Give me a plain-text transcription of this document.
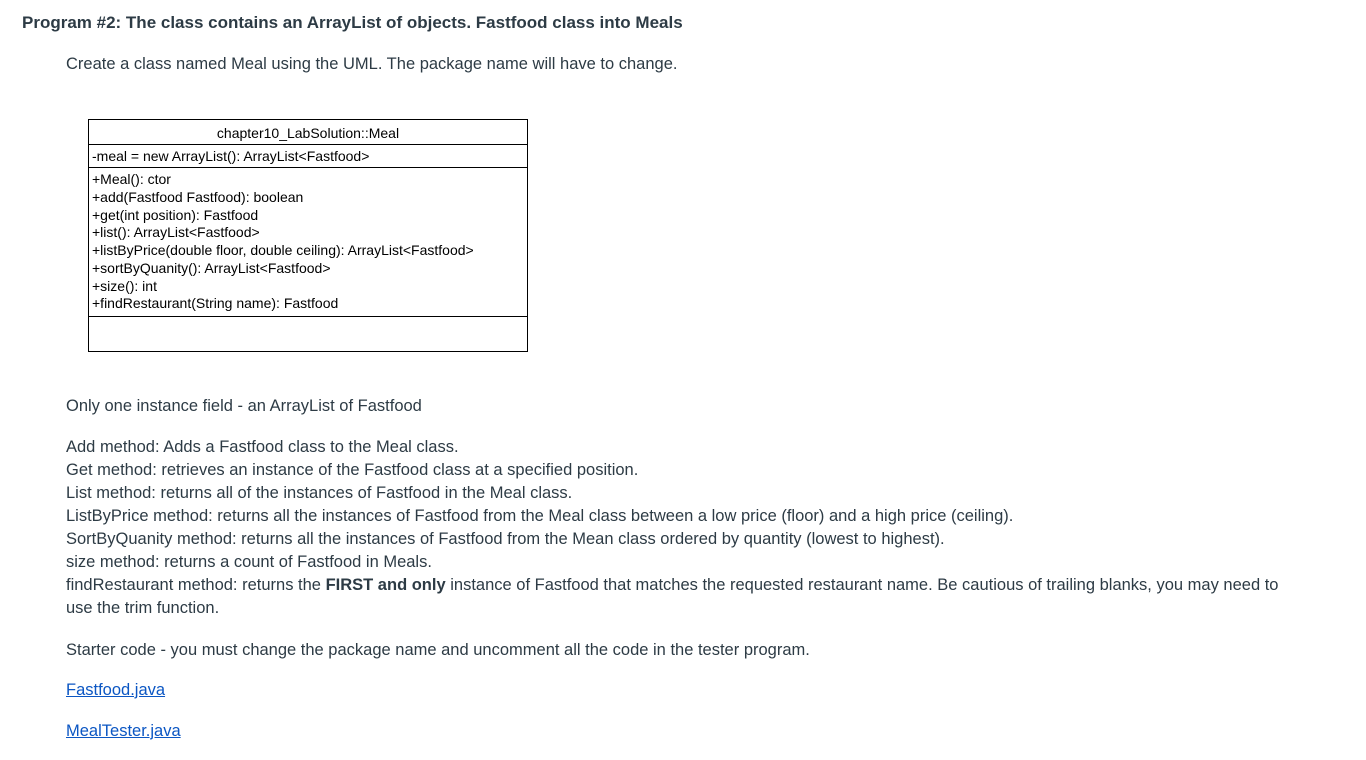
Program #2: The class contains an ArrayList of objects. Fastfood class into Meals
Create a class named Meal using the UML. The package name will have to change.
chapter10_LabSolution::Meal
-meal = new ArrayList(): ArrayList<Fastfood>
+Meal(): ctor
+add(Fastfood Fastfood): boolean
+get(int position): Fastfood
+list(): ArrayList<Fastfood>
+listByPrice(double floor, double ceiling): ArrayList<Fastfood>
+sortByQuanity(): ArrayList<Fastfood>
+size(): int
+findRestaurant(String name): Fastfood
Only one instance field - an ArrayList of Fastfood
Add method: Adds a Fastfood class to the Meal class.
Get method: retrieves an instance of the Fastfood class at a specified position.
List method: returns all of the instances of Fastfood in the Meal class.
ListByPrice method: returns all the instances of Fastfood from the Meal class between a low price (floor) and a high price (ceiling).
SortByQuanity method: returns all the instances of Fastfood from the Mean class ordered by quantity (lowest to highest).
size method: returns a count of Fastfood in Meals.
findRestaurant method: returns the FIRST and only instance of Fastfood that matches the requested restaurant name. Be cautious of trailing blanks, you may need to use the trim function.
Starter code - you must change the package name and uncomment all the code in the tester program.
Fastfood.java
MealTester.java
